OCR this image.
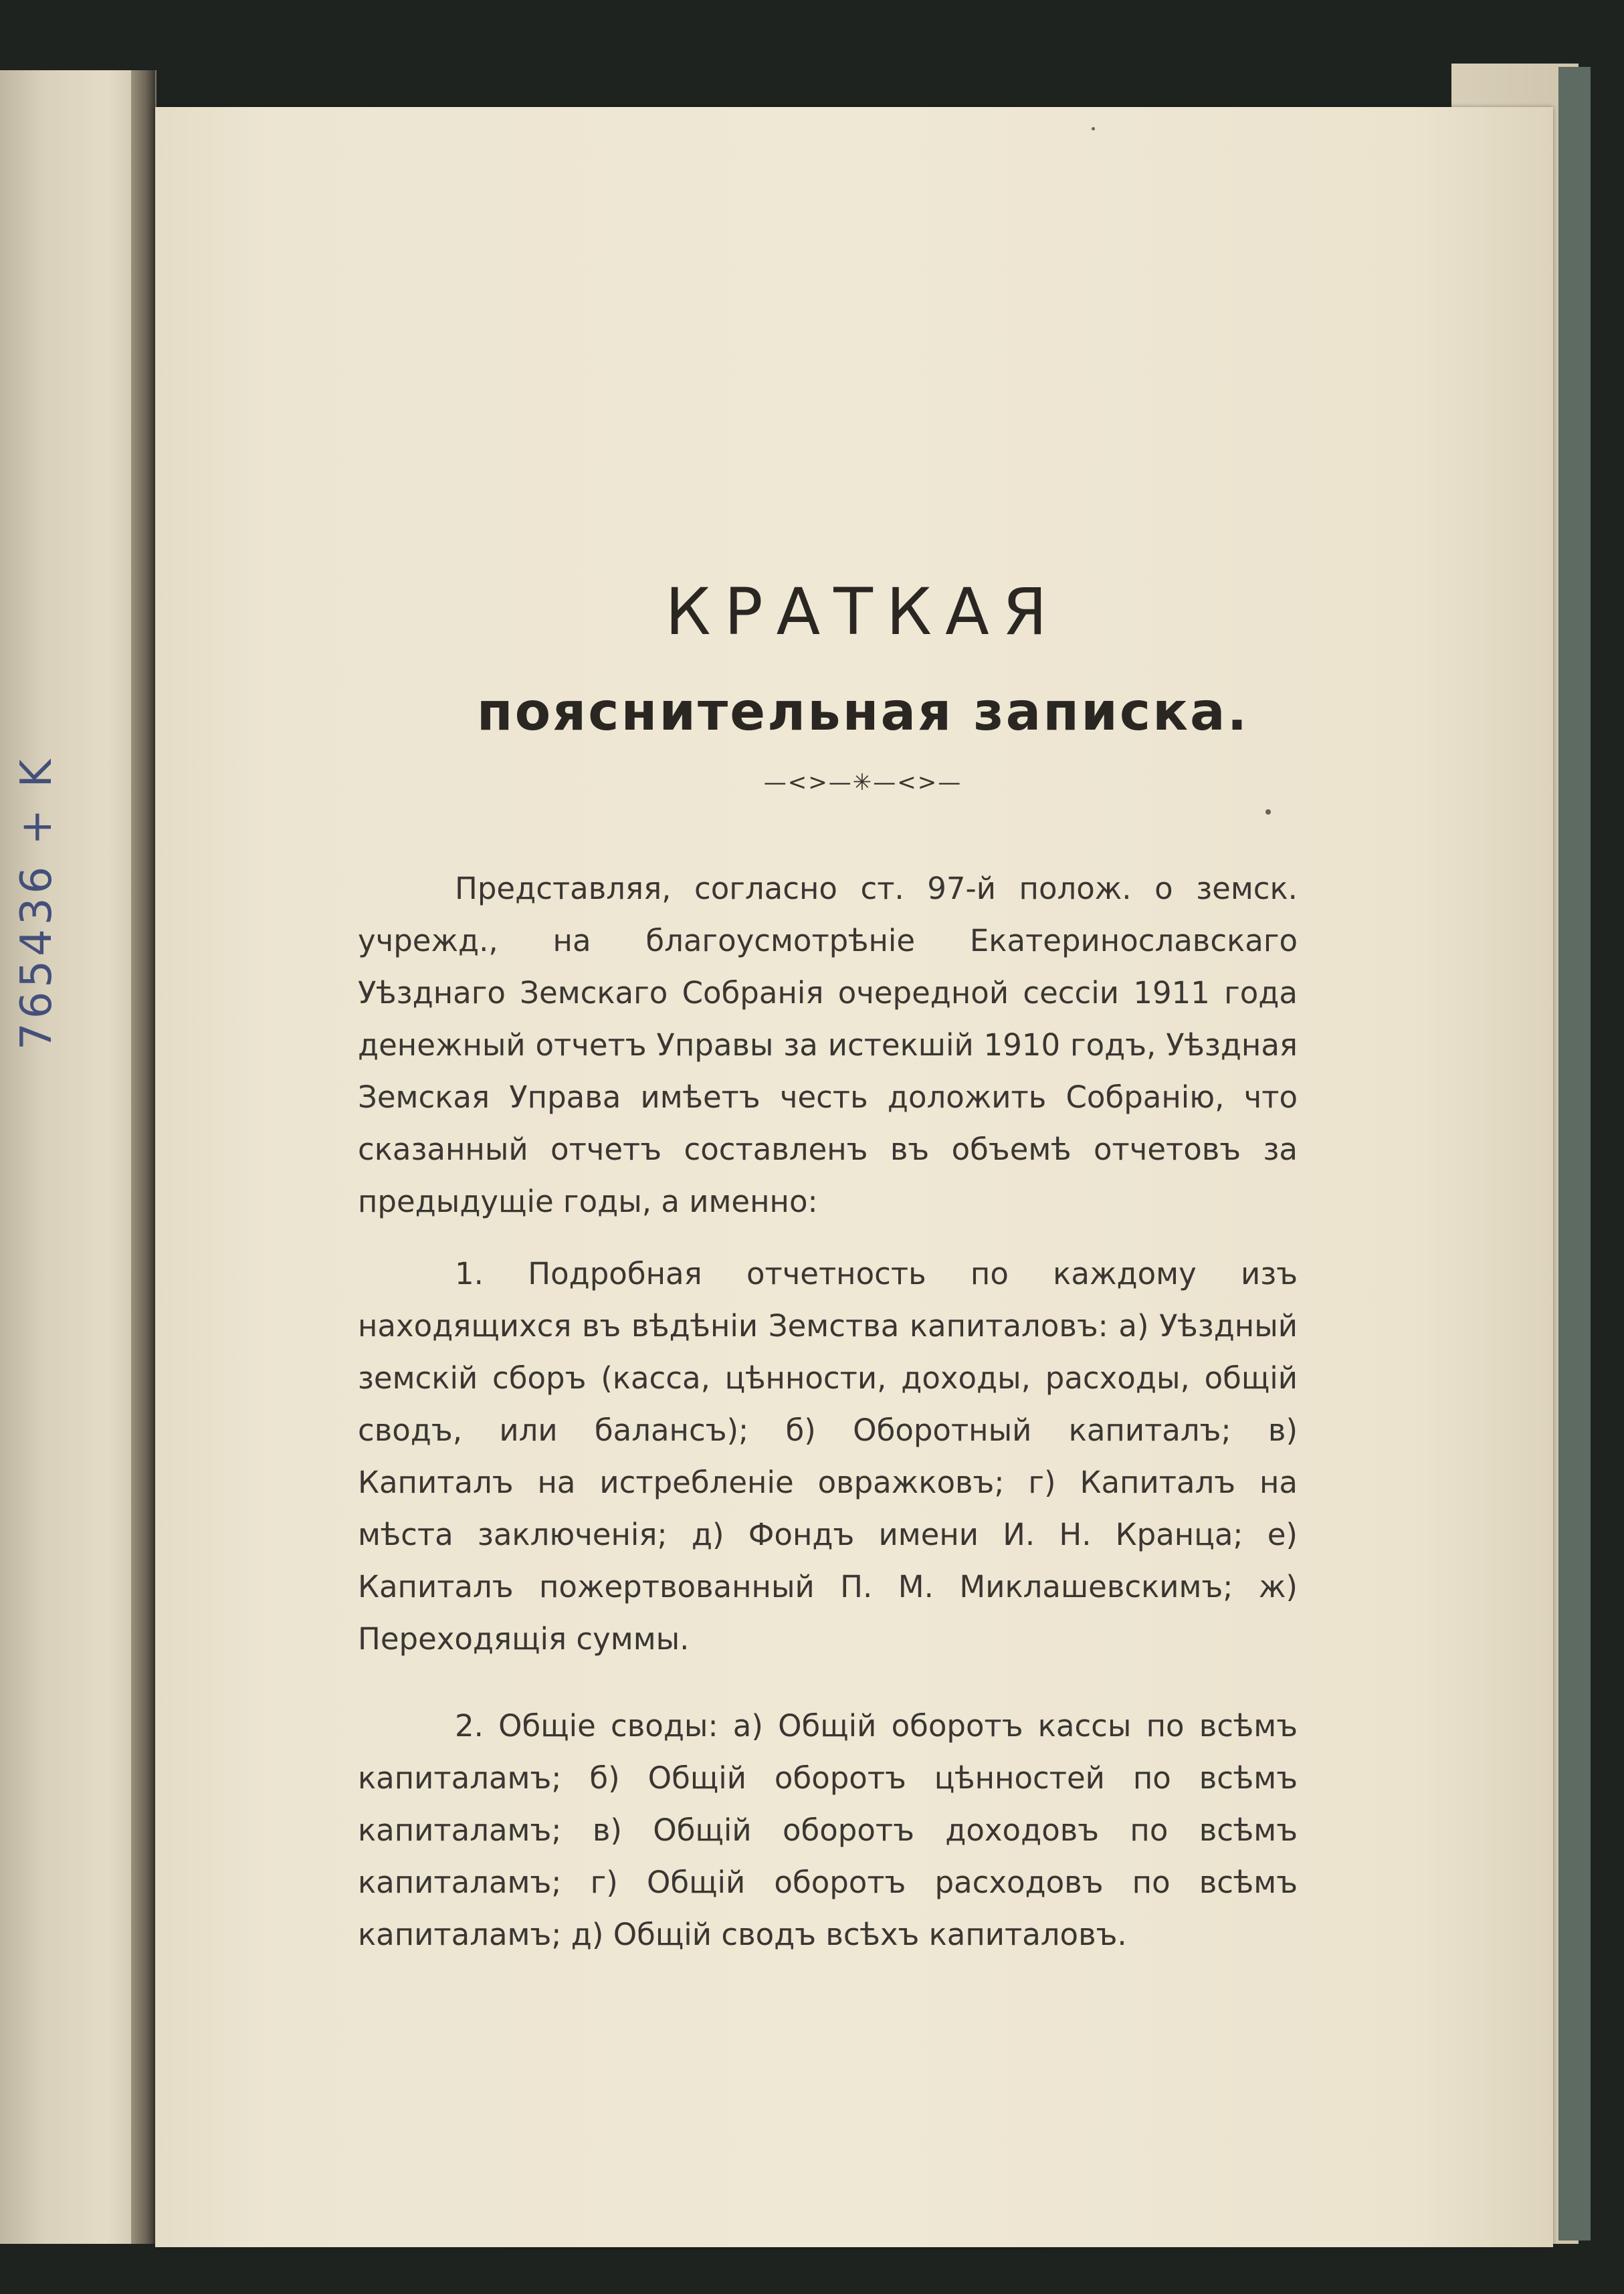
765436 + K
КРАТКАЯ
пояснительная записка.
—<>—✳—<>—

Представляя, согласно ст. 97-й полож. о земск. учрежд., на благоусмотрѣніе Екатеринославскаго Уѣзднаго Земскаго Собранія очередной сессіи 1911 года денежный отчетъ Управы за истекшій 1910 годъ, Уѣздная Земская Управа имѣетъ честь доложить Собранію, что сказанный отчетъ составленъ въ объемѣ отчетовъ за предыдущіе годы, а именно:

1. Подробная отчетность по каждому изъ находящихся въ вѣдѣніи Земства капиталовъ: а) Уѣздный земскій сборъ (касса, цѣнности, доходы, расходы, общій сводъ, или балансъ); б) Оборотный капиталъ; в) Капиталъ на истребленіе овражковъ; г) Капиталъ на мѣста заключенія; д) Фондъ имени И. Н. Кранца; е) Капиталъ пожертвованный П. М. Миклашевскимъ; ж) Переходящія суммы.

2. Общіе своды: а) Общій оборотъ кассы по всѣмъ капиталамъ; б) Общій оборотъ цѣнностей по всѣмъ капиталамъ; в) Общій оборотъ доходовъ по всѣмъ капиталамъ; г) Общій оборотъ расходовъ по всѣмъ капиталамъ; д) Общій сводъ всѣхъ капиталовъ.
